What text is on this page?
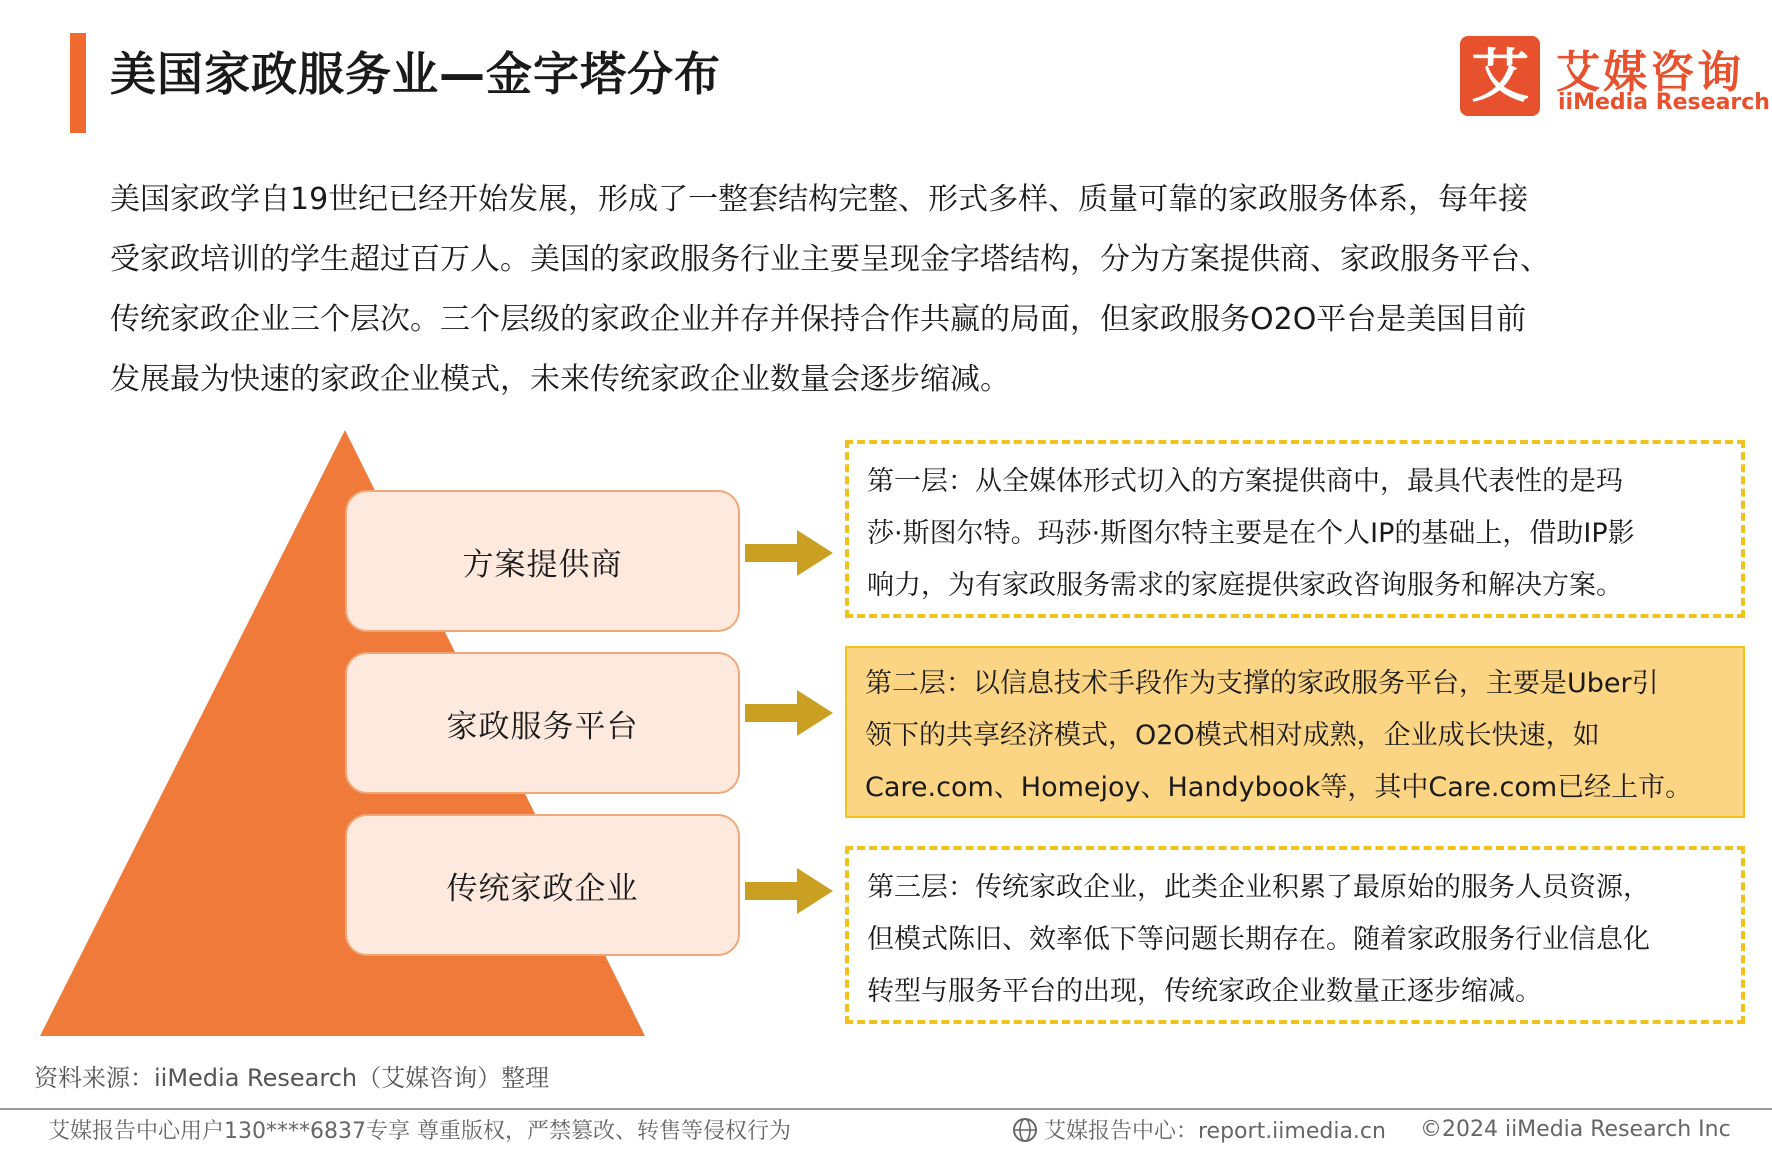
美国家政服务业—金字塔分布	艾 艾媒咨询
iiMedia Research

美国家政学自19世纪已经开始发展，形成了一整套结构完整、形式多样、质量可靠的家政服务体系，每年接

受家政培训的学生超过百万人。美国的家政服务行业主要呈现金字塔结构，分为方案提供商、家政服务平台、

传统家政企业三个层次。三个层级的家政企业并存并保持合作共赢的局面，但家政服务O2O平台是美国目前

发展最为快速的家政企业模式，未来传统家政企业数量会逐步缩减。

方案提供商
家政服务平台
传统家政企业

第一层：从全媒体形式切入的方案提供商中，最具代表性的是玛

莎·斯图尔特。玛莎·斯图尔特主要是在个人IP的基础上，借助IP影

响力，为有家政服务需求的家庭提供家政咨询服务和解决方案。

第二层：以信息技术手段作为支撑的家政服务平台，主要是Uber引

领下的共享经济模式，O2O模式相对成熟，企业成长快速，如

Care.com、Homejoy、Handybook等，其中Care.com已经上市。

第三层：传统家政企业，此类企业积累了最原始的服务人员资源，

但模式陈旧、效率低下等问题长期存在。随着家政服务行业信息化

转型与服务平台的出现，传统家政企业数量正逐步缩减。

资料来源：iiMedia Research（艾媒咨询）整理
艾媒报告中心用户130****6837专享 尊重版权，严禁篡改、转售等侵权行为	艾媒报告中心：report.iimedia.cn ©2024 iiMedia Research Inc
